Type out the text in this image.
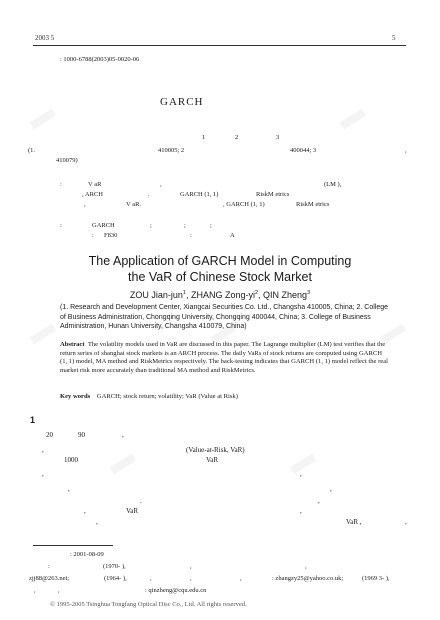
2003 5	5
: 1000-6788(2003)05-0020-06
GARCH
1	2	3
(1.	410005; 2	400044; 3	,
410079)
:	V aR	,	(LM ),
, ARCH	.	GARCH (1, 1)	RiskM etrics
,	V aR.	, GARCH (1, 1)	RiskM etrics
:	GARCH	;	;	;
: F830	:	A
The Application of GARCH Model in Computing
the VaR of Chinese Stock Market
ZOU Jian-jun$^1$, ZHANG Zong-$yi^2$, QIN Zheng$^3$
(1. Research and Development Center, Xiangcai Securities Co. Ltd., Changsha 410005, China; 2. College of Business Administration, Chongqing University, Chongqing 400044, China; 3. College of Business Administration, Hunan University, Changsha 410079, China)
Abstract The volatility models used in VaR are discussed in this paper. The Lagrange multiplier (LM) test verifies that the return series of shanghai stock markets is an ARCH process. The daily VaRs of stock returns are computed using GARCH (1, 1) model, MA method and RiskMetrics respectively. The back-testing indicates that GARCH (1, 1) model reflect the real market risk more accurately than traditional MA method and RiskMetrics.
Key words GARCH; stock return; volatility; VaR (Value at Risk)
1
20	90	,
,	(Value-at-Risk, VaR)
1000	VaR
,	,
,	,
.	,
,	VaR	,
,	VaR ,	,
: 2001-08-09
:	(1970- ),	,	,
zjj88@263.net;	(1964- ),	,	,	,	: zhangzy25@yahoo.co.uk;	(1969 3- ),
,	,	: qinzheng@cqu.edu.cn
© 1995-2005 Tsinghua Tongfang Optical Disc Co., Ltd. All rights reserved.
